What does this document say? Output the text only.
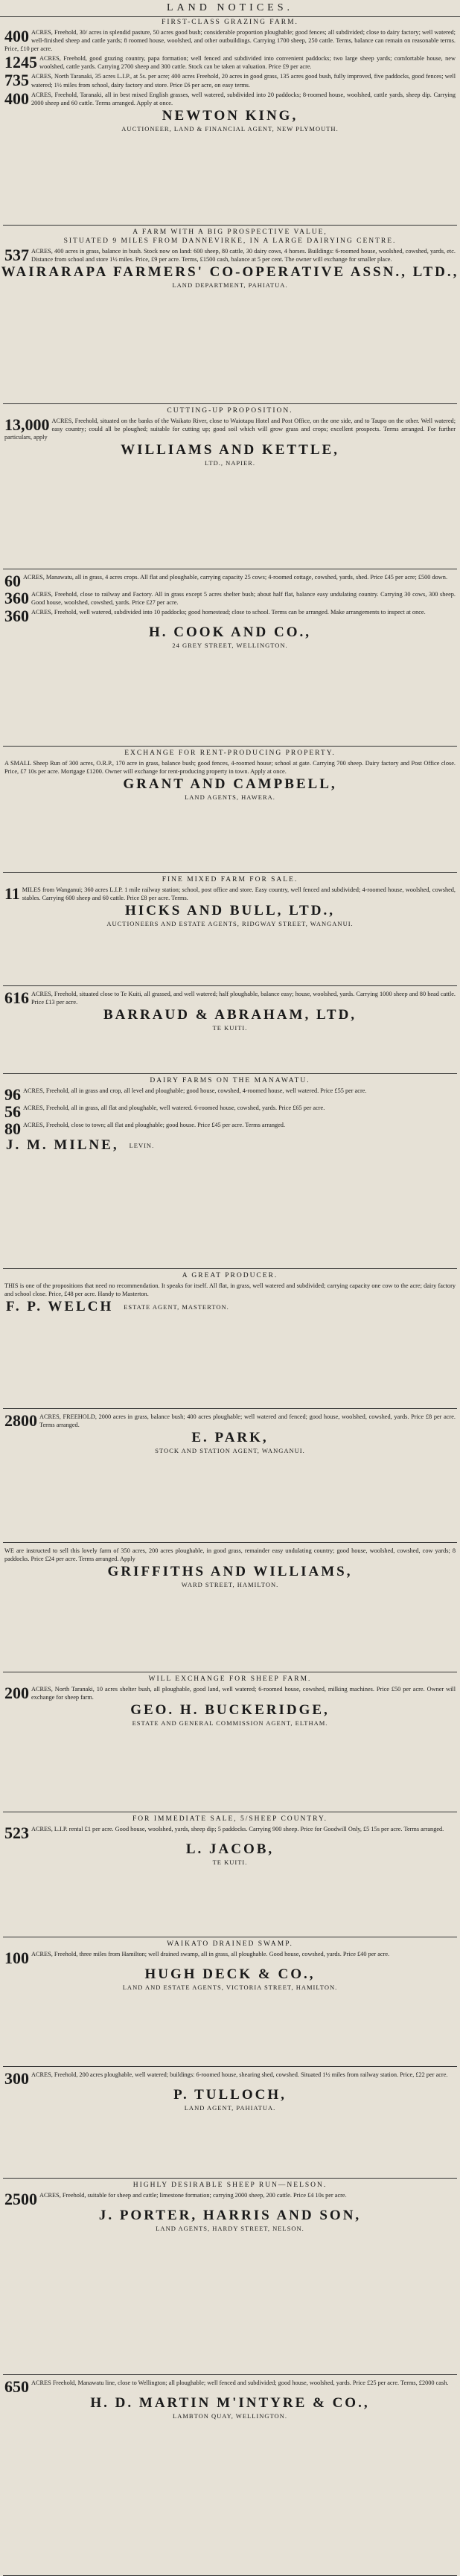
LAND NOTICES.
FIRST-CLASS GRAZING FARM.
400 ACRES, Freehold, 30/ acres in splendid pasture, 50 acres good bush; considerable proportion ploughable; good fences; all subdivided; close to dairy factory; well watered; well-finished sheep and cattle yards; 8 roomed house, woolshed, and other outbuildings. Carrying 1700 sheep, 250 cattle. Terms, balance can remain on reasonable terms. Price, £10 per acre.
1245 ACRES, Freehold, good grazing country, papa formation; well fenced and subdivided into convenient paddocks; two large sheep yards; comfortable house, new woolshed, cattle yards. Carrying 2700 sheep and 300 cattle. Stock can be taken at valuation. Price £9 per acre.
735 ACRES, North Taranaki, 35 acres L.I.P., at 5s. per acre; 400 acres Freehold, 20 acres in good grass, 135 acres good bush, fully improved, five paddocks, good fences; well watered; 1½ miles from school, dairy factory and store. Price £6 per acre, on easy terms.
400 ACRES, Freehold, Taranaki, all in best mixed English grasses, well watered, subdivided into 20 paddocks; 8-roomed house, woolshed, cattle yards, sheep dip. Carrying 2000 sheep and 60 cattle. Terms arranged. Apply at once.
NEWTON KING,
AUCTIONEER, LAND & FINANCIAL AGENT, NEW PLYMOUTH.
A FARM WITH A BIG PROSPECTIVE VALUE,
SITUATED 9 MILES FROM DANNEVIRKE, IN A LARGE DAIRYING CENTRE.
537 ACRES, 400 acres in grass, balance in bush. Stock now on land: 600 sheep, 80 cattle, 30 dairy cows, 4 horses. Buildings: 6-roomed house, woolshed, cowshed, yards, etc. Distance from school and store 1½ miles. Price, £9 per acre. Terms, £1500 cash, balance at 5 per cent. The owner will exchange for smaller place.
WAIRARAPA FARMERS' CO-OPERATIVE ASSN., LTD.,
LAND DEPARTMENT, PAHIATUA.
CUTTING-UP PROPOSITION.
13,000 ACRES, Freehold, situated on the banks of the Waikato River, close to Waiotapu Hotel and Post Office, on the one side, and to Taupo on the other. Well watered; easy country; could all be ploughed; suitable for cutting up; good soil which will grow grass and crops; excellent prospects. Terms arranged. For further particulars, apply
WILLIAMS AND KETTLE,
LTD., NAPIER.
60 ACRES, Manawatu, all in grass, 4 acres crops. All flat and ploughable, carrying capacity 25 cows; 4-roomed cottage, cowshed, yards, shed. Price £45 per acre; £500 down.
360 ACRES, Freehold, close to railway and Factory. All in grass except 5 acres shelter bush; about half flat, balance easy undulating country. Carrying 30 cows, 300 sheep. Good house, woolshed, cowshed, yards. Price £27 per acre.
360 ACRES, Freehold, well watered, subdivided into 10 paddocks; good homestead; close to school. Terms can be arranged. Make arrangements to inspect at once.
H. COOK AND CO.,
24 GREY STREET, WELLINGTON.
EXCHANGE FOR RENT-PRODUCING PROPERTY.
A SMALL Sheep Run of 300 acres, O.R.P., 170 acre in grass, balance bush; good fences, 4-roomed house; school at gate. Carrying 700 sheep. Dairy factory and Post Office close. Price, £7 10s per acre. Mortgage £1200. Owner will exchange for rent-producing property in town. Apply at once.
GRANT AND CAMPBELL,
LAND AGENTS, HAWERA.
FINE MIXED FARM FOR SALE.
11 MILES from Wanganui; 360 acres L.I.P. 1 mile railway station; school, post office and store. Easy country, well fenced and subdivided; 4-roomed house, woolshed, cowshed, stables. Carrying 600 sheep and 60 cattle. Price £8 per acre. Terms.
HICKS AND BULL, LTD.,
AUCTIONEERS AND ESTATE AGENTS, RIDGWAY STREET, WANGANUI.
616 ACRES, Freehold, situated close to Te Kuiti, all grassed, and well watered; half ploughable, balance easy; house, woolshed, yards. Carrying 1000 sheep and 80 head cattle. Price £13 per acre.
BARRAUD & ABRAHAM, LTD,
TE KUITI.
DAIRY FARMS ON THE MANAWATU.
96 ACRES, Freehold, all in grass and crop, all level and ploughable; good house, cowshed, 4-roomed house, well watered. Price £55 per acre.
56 ACRES, Freehold, all in grass, all flat and ploughable, well watered. 6-roomed house, cowshed, yards. Price £65 per acre.
80 ACRES, Freehold, close to town; all flat and ploughable; good house. Price £45 per acre. Terms arranged.
J. M. MILNE, LEVIN.
A GREAT PRODUCER.
THIS is one of the propositions that need no recommendation. It speaks for itself. All flat, in grass, well watered and subdivided; carrying capacity one cow to the acre; dairy factory and school close. Price, £48 per acre. Handy to Masterton.
F. P. WELCH ESTATE AGENT, MASTERTON.
2800 ACRES, FREEHOLD, 2000 acres in grass, balance bush; 400 acres ploughable; well watered and fenced; good house, woolshed, cowshed, yards. Price £8 per acre. Terms arranged.
E. PARK,
STOCK AND STATION AGENT, WANGANUI.
WE are instructed to sell this lovely farm of 350 acres, 200 acres ploughable, in good grass, remainder easy undulating country; good house, woolshed, cowshed, cow yards; 8 paddocks. Price £24 per acre. Terms arranged. Apply
GRIFFITHS AND WILLIAMS,
WARD STREET, HAMILTON.
WILL EXCHANGE FOR SHEEP FARM.
200 ACRES, North Taranaki, 10 acres shelter bush, all ploughable, good land, well watered; 6-roomed house, cowshed, milking machines. Price £50 per acre. Owner will exchange for sheep farm.
GEO. H. BUCKERIDGE,
ESTATE AND GENERAL COMMISSION AGENT, ELTHAM.
FOR IMMEDIATE SALE, 5/SHEEP COUNTRY.
523 ACRES, L.I.P. rental £1 per acre. Good house, woolshed, yards, sheep dip; 5 paddocks. Carrying 900 sheep. Price for Goodwill Only, £5 15s per acre. Terms arranged.
L. JACOB,
TE KUITI.
WAIKATO DRAINED SWAMP.
100 ACRES, Freehold, three miles from Hamilton; well drained swamp, all in grass, all ploughable. Good house, cowshed, yards. Price £40 per acre.
HUGH DECK & CO.,
LAND AND ESTATE AGENTS, VICTORIA STREET, HAMILTON.
300 ACRES, Freehold, 200 acres ploughable, well watered; buildings: 6-roomed house, shearing shed, cowshed. Situated 1½ miles from railway station. Price, £22 per acre.
P. TULLOCH,
LAND AGENT, PAHIATUA.
HIGHLY DESIRABLE SHEEP RUN—NELSON.
2500 ACRES, Freehold, suitable for sheep and cattle; limestone formation; carrying 2000 sheep, 200 cattle. Price £4 10s per acre.
J. PORTER, HARRIS AND SON,
LAND AGENTS, HARDY STREET, NELSON.
650 ACRES Freehold, Manawatu line, close to Wellington; all ploughable; well fenced and subdivided; good house, woolshed, yards. Price £25 per acre. Terms, £2000 cash.
H. D. MARTIN M'INTYRE & CO.,
LAMBTON QUAY, WELLINGTON.
